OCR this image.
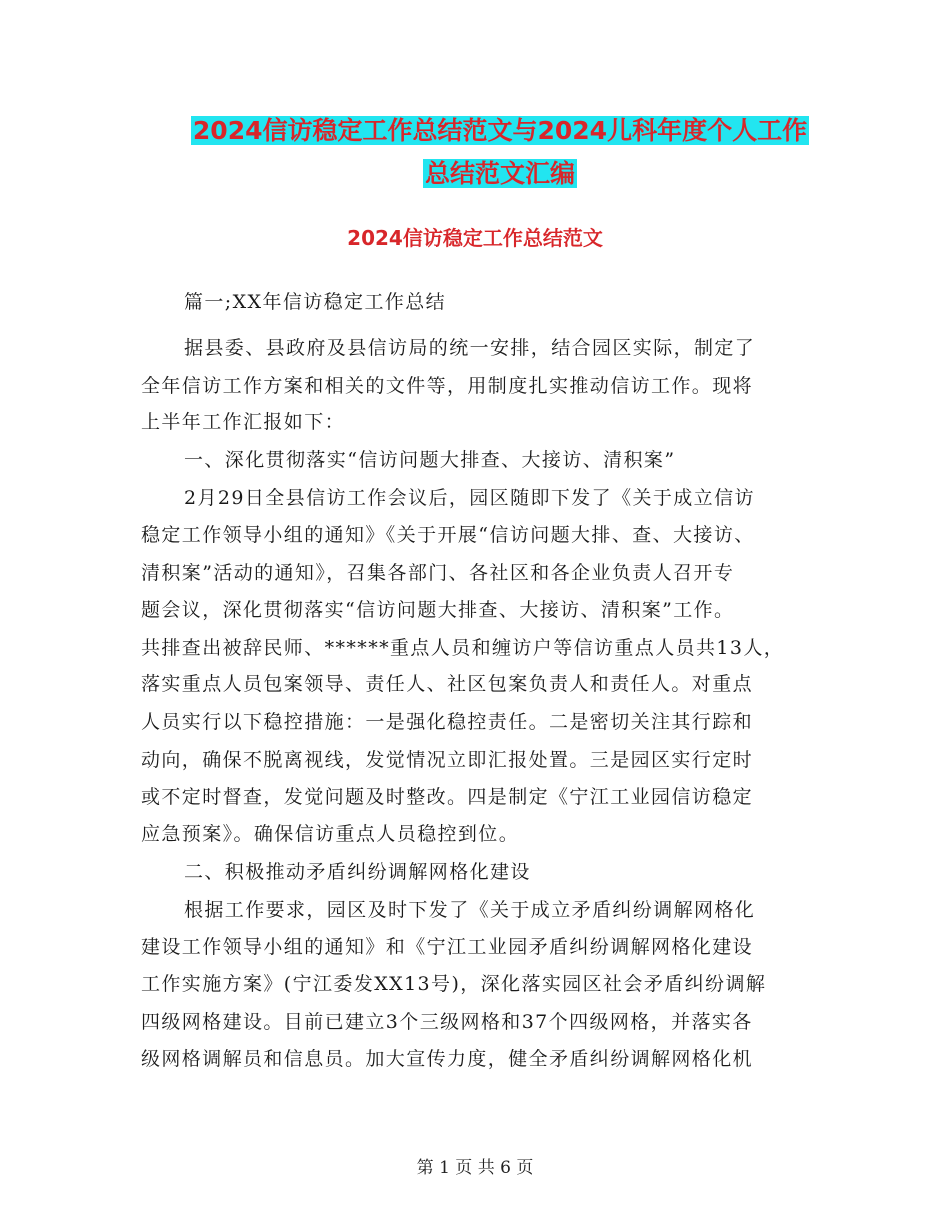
2024信访稳定工作总结范文与2024儿科年度个人工作
总结范文汇编
2024信访稳定工作总结范文
篇一;XX年信访稳定工作总结
据县委、县政府及县信访局的统一安排，结合园区实际，制定了
全年信访工作方案和相关的文件等，用制度扎实推动信访工作。现将
上半年工作汇报如下：
一、深化贯彻落实“信访问题大排查、大接访、清积案”
2月29日全县信访工作会议后，园区随即下发了《关于成立信访
稳定工作领导小组的通知》《关于开展“信访问题大排、查、大接访、
清积案”活动的通知》，召集各部门、各社区和各企业负责人召开专
题会议，深化贯彻落实“信访问题大排查、大接访、清积案”工作。
共排查出被辞民师、******重点人员和缠访户等信访重点人员共13人，
落实重点人员包案领导、责任人、社区包案负责人和责任人。对重点
人员实行以下稳控措施：一是强化稳控责任。二是密切关注其行踪和
动向，确保不脱离视线，发觉情况立即汇报处置。三是园区实行定时
或不定时督查，发觉问题及时整改。四是制定《宁江工业园信访稳定
应急预案》。确保信访重点人员稳控到位。
二、积极推动矛盾纠纷调解网格化建设
根据工作要求，园区及时下发了《关于成立矛盾纠纷调解网格化
建设工作领导小组的通知》和《宁江工业园矛盾纠纷调解网格化建设
工作实施方案》(宁江委发XX13号)，深化落实园区社会矛盾纠纷调解
四级网格建设。目前已建立3个三级网格和37个四级网格，并落实各
级网格调解员和信息员。加大宣传力度，健全矛盾纠纷调解网格化机
第 1 页 共 6 页
